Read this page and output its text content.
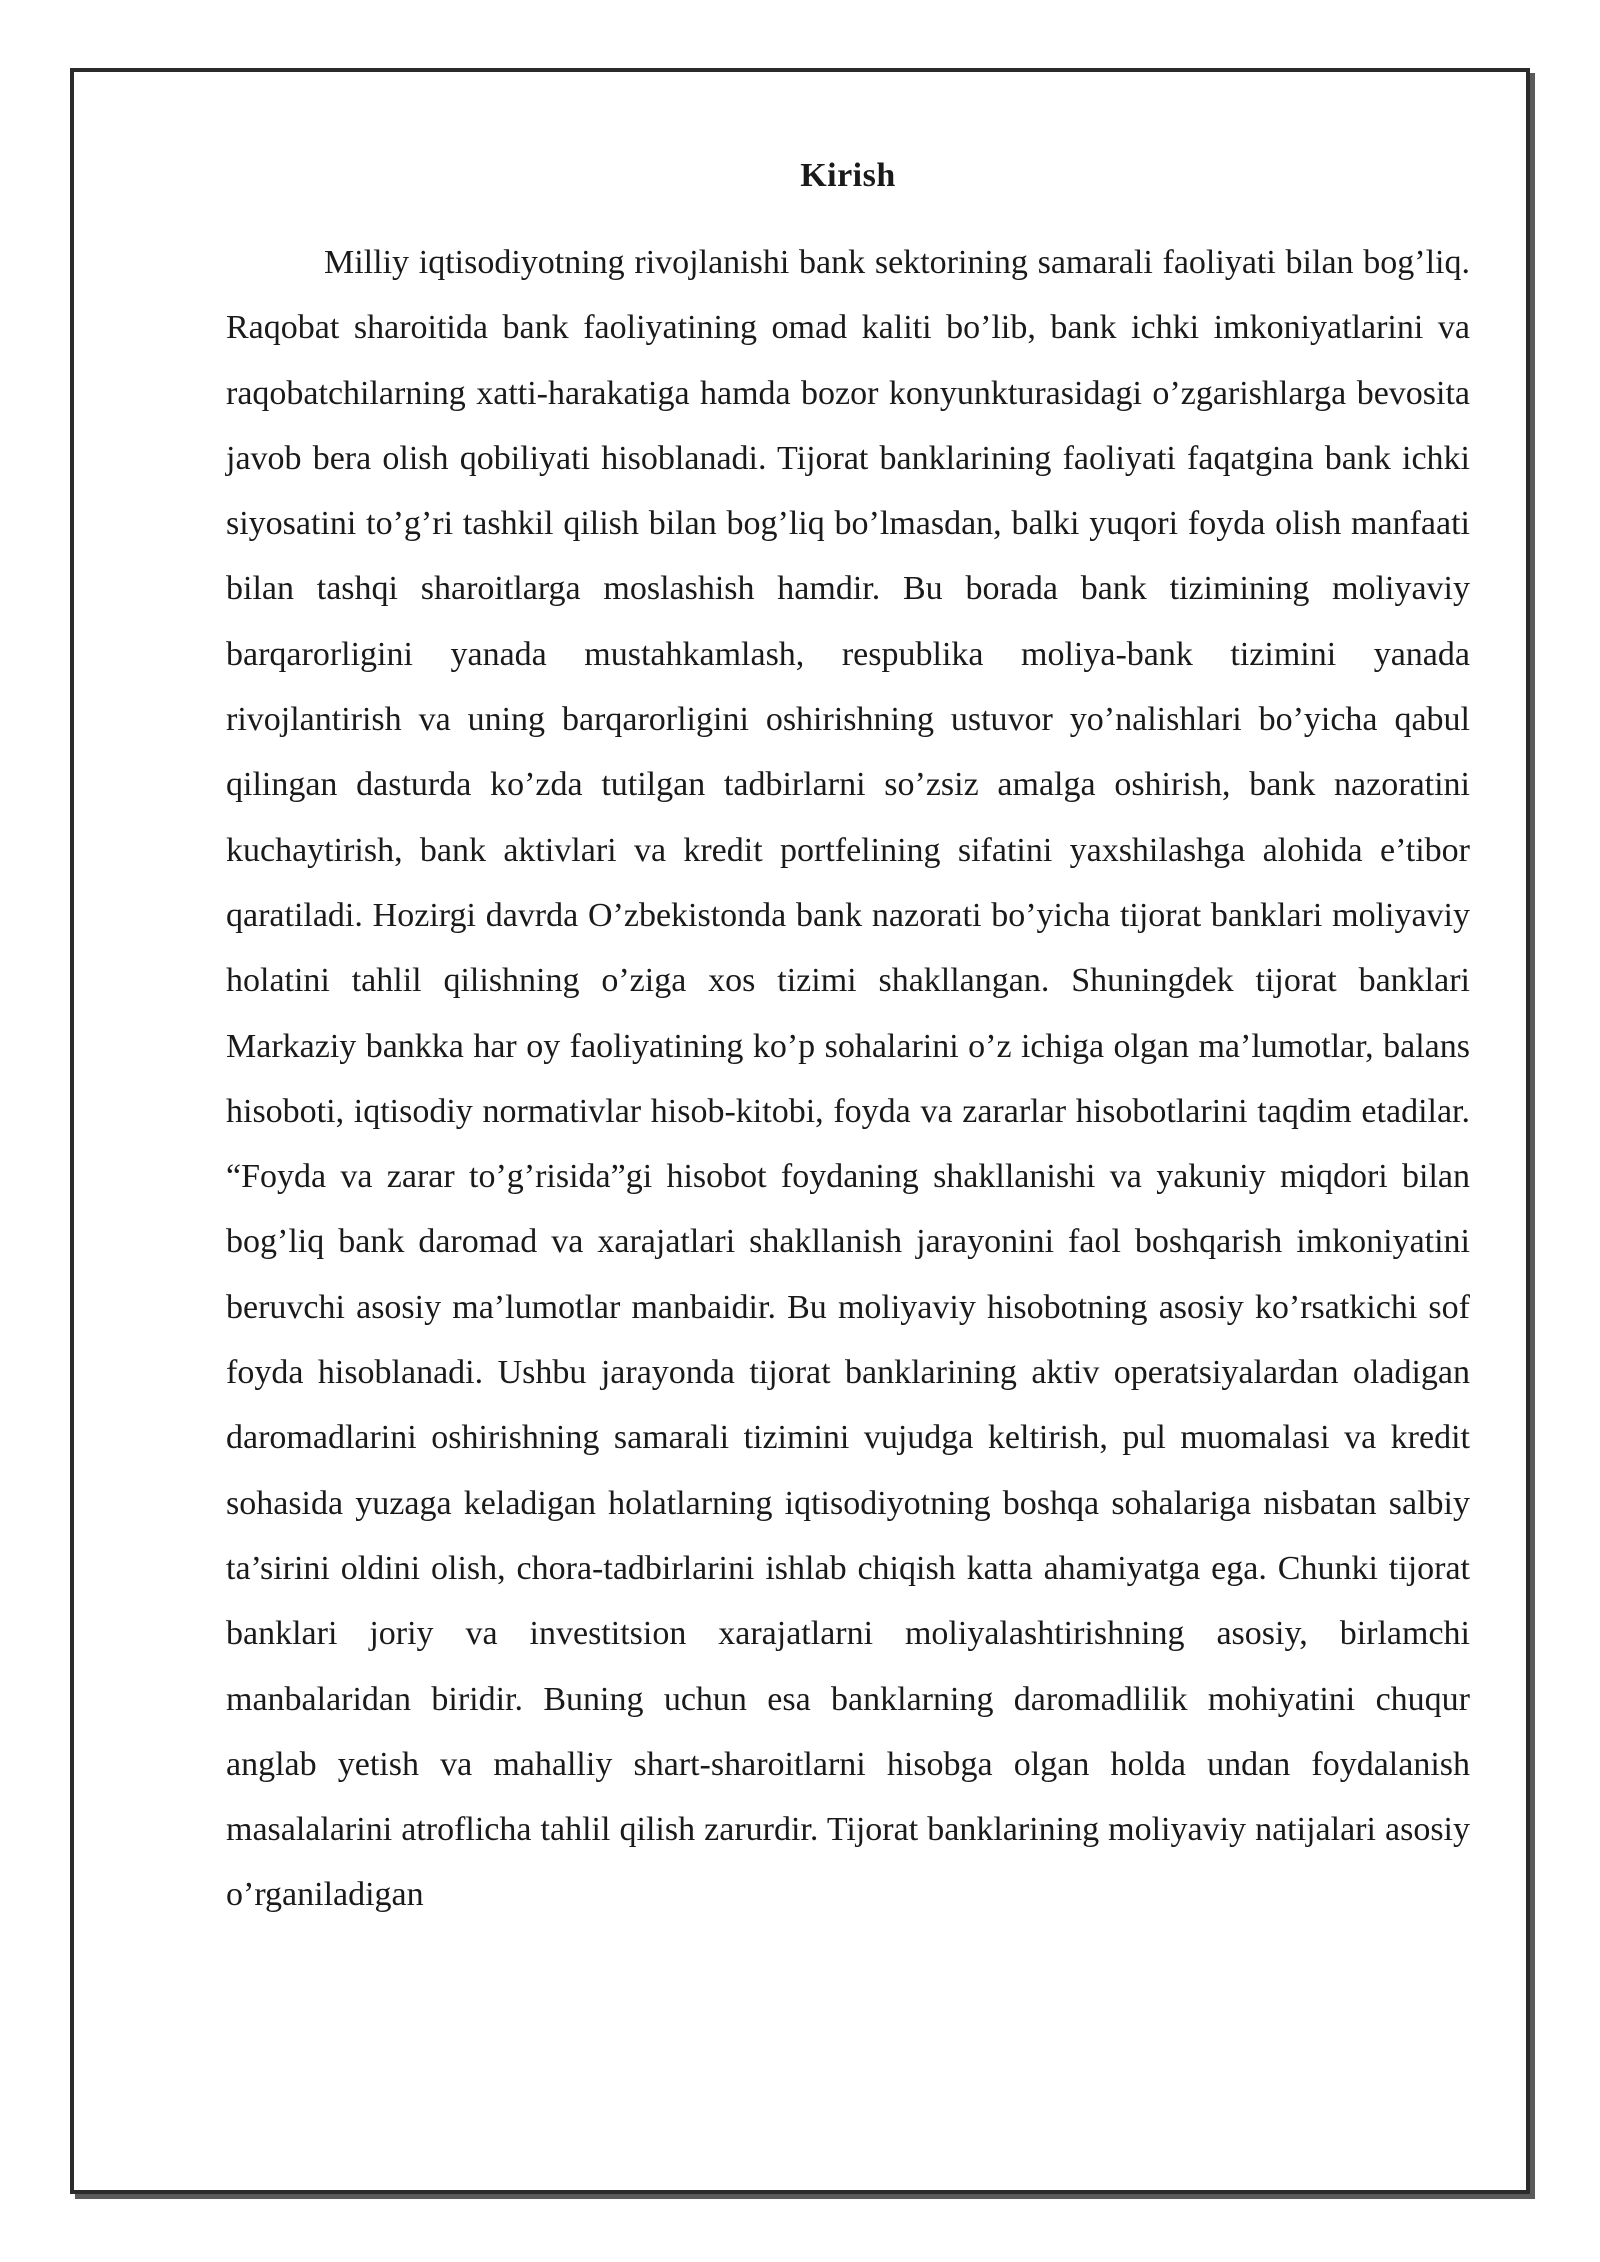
Kirish

Milliy iqtisodiyotning rivojlanishi bank sektorining samarali faoliyati bilan bog’liq. Raqobat sharoitida bank faoliyatining omad kaliti bo’lib, bank ichki imkoniyatlarini va raqobatchilarning xatti-harakatiga hamda bozor konyunkturasidagi o’zgarishlarga bevosita javob bera olish qobiliyati hisoblanadi. Tijorat banklarining faoliyati faqatgina bank ichki siyosatini to’g’ri tashkil qilish bilan bog’liq bo’lmasdan, balki yuqori foyda olish manfaati bilan tashqi sharoitlarga moslashish hamdir. Bu borada bank tizimining moliyaviy barqarorligini yanada mustahkamlash, respublika moliya-bank tizimini yanada rivojlantirish va uning barqarorligini oshirishning ustuvor yo’nalishlari bo’yicha qabul qilingan dasturda ko’zda tutilgan tadbirlarni so’zsiz amalga oshirish, bank nazoratini kuchaytirish, bank aktivlari va kredit portfelining sifatini yaxshilashga alohida e’tibor qaratiladi. Hozirgi davrda O’zbekistonda bank nazorati bo’yicha tijorat banklari moliyaviy holatini tahlil qilishning o’ziga xos tizimi shakllangan. Shuningdek tijorat banklari Markaziy bankka har oy faoliyatining ko’p sohalarini o’z ichiga olgan ma’lumotlar, balans hisoboti, iqtisodiy normativlar hisob-kitobi, foyda va zararlar hisobotlarini taqdim etadilar. “Foyda va zarar to’g’risida”gi hisobot foydaning shakllanishi va yakuniy miqdori bilan bog’liq bank daromad va xarajatlari shakllanish jarayonini faol boshqarish imkoniyatini beruvchi asosiy ma’lumotlar manbaidir. Bu moliyaviy hisobotning asosiy ko’rsatkichi sof foyda hisoblanadi. Ushbu jarayonda tijorat banklarining aktiv operatsiyalardan oladigan daromadlarini oshirishning samarali tizimini vujudga keltirish, pul muomalasi va kredit sohasida yuzaga keladigan holatlarning iqtisodiyotning boshqa sohalariga nisbatan salbiy ta’sirini oldini olish, chora-tadbirlarini ishlab chiqish katta ahamiyatga ega. Chunki tijorat banklari joriy va investitsion xarajatlarni moliyalashtirishning asosiy, birlamchi manbalaridan biridir. Buning uchun esa banklarning daromadlilik mohiyatini chuqur anglab yetish va mahalliy shart-sharoitlarni hisobga olgan holda undan foydalanish masalalarini atroflicha tahlil qilish zarurdir. Tijorat banklarining moliyaviy natijalari asosiy o’rganiladigan
